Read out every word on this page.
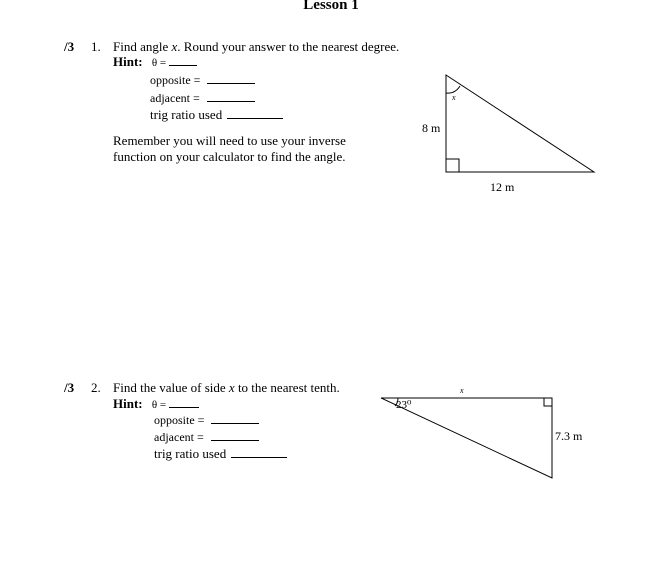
Lesson 1
/3 1. Find angle x. Round your answer to the nearest degree.
Hint: θ =
opposite =
adjacent =
trig ratio used
Remember you will need to use your inverse
function on your calculator to find the angle.
/3 2. Find the value of side x to the nearest tenth.
Hint: θ =
opposite =
adjacent =
trig ratio used
x
8 m
12 m
23⁰
x
7.3 m
